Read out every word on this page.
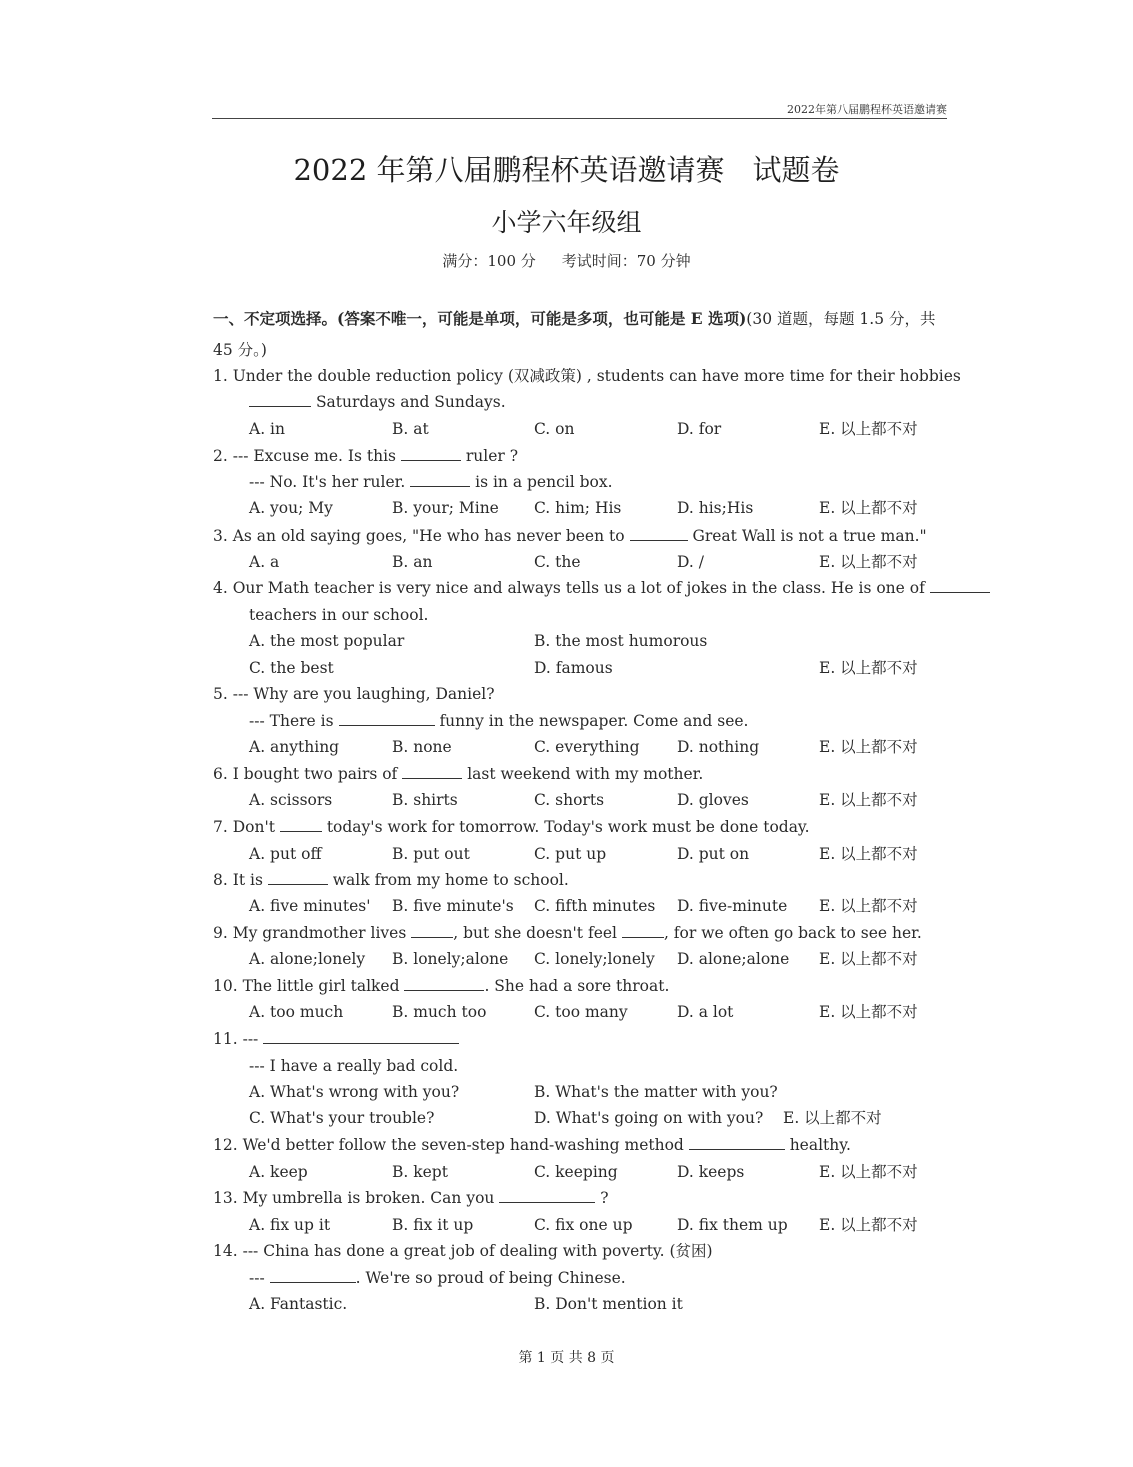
2022年第八届鹏程杯英语邀请赛
2022 年第八届鹏程杯英语邀请赛 试题卷
小学六年级组
满分：100 分 考试时间：70 分钟
一、不定项选择。(答案不唯一，可能是单项，可能是多项，也可能是 E 选项)(30 道题，每题 1.5 分，共 45 分。)
1. Under the double reduction policy (双减政策) , students can have more time for their hobbies
Saturdays and Sundays.
A. in	B. at	C. on	D. for	E. 以上都不对
2. --- Excuse me. Is this	ruler ?
--- No. It's her ruler.	is in a pencil box.
A. you; My	B. your; Mine C. him; His	D. his;His	E. 以上都不对
3. As an old saying goes, "He who has never been to	Great Wall is not a true man."
A. a	B. an	C. the	D. /	E. 以上都不对
4. Our Math teacher is very nice and always tells us a lot of jokes in the class. He is one of
teachers in our school.
A. the most popular	B. the most humorous
C. the best	D. famous	E. 以上都不对
5. --- Why are you laughing, Daniel?
--- There is	funny in the newspaper. Come and see.
A. anything	B. none	C. everything D. nothing	E. 以上都不对
6. I bought two pairs of	last weekend with my mother.
A. scissors	B. shirts	C. shorts	D. gloves	E. 以上都不对
7. Don't	today's work for tomorrow. Today's work must be done today.
A. put off	B. put out	C. put up	D. put on	E. 以上都不对
8. It is	walk from my home to school.
A. five minutes' B. five minute's C. fifth minutes D. five-minute E. 以上都不对
9. My grandmother lives	, but she doesn't feel	, for we often go back to see her.
A. alone;lonely B. lonely;alone C. lonely;lonely D. alone;alone E. 以上都不对
10. The little girl talked	. She had a sore throat.
A. too much	B. much too	C. too many	D. a lot	E. 以上都不对
11. ---
--- I have a really bad cold.
A. What's wrong with you?	B. What's the matter with you?
C. What's your trouble?	D. What's going on with you? E. 以上都不对
12. We'd better follow the seven-step hand-washing method	healthy.
A. keep	B. kept	C. keeping	D. keeps	E. 以上都不对
13. My umbrella is broken. Can you	?
A. fix up it	B. fix it up	C. fix one up	D. fix them up E. 以上都不对
14. --- China has done a great job of dealing with poverty. (贫困)
---	. We're so proud of being Chinese.
A. Fantastic.	B. Don't mention it
第 1 页 共 8 页
